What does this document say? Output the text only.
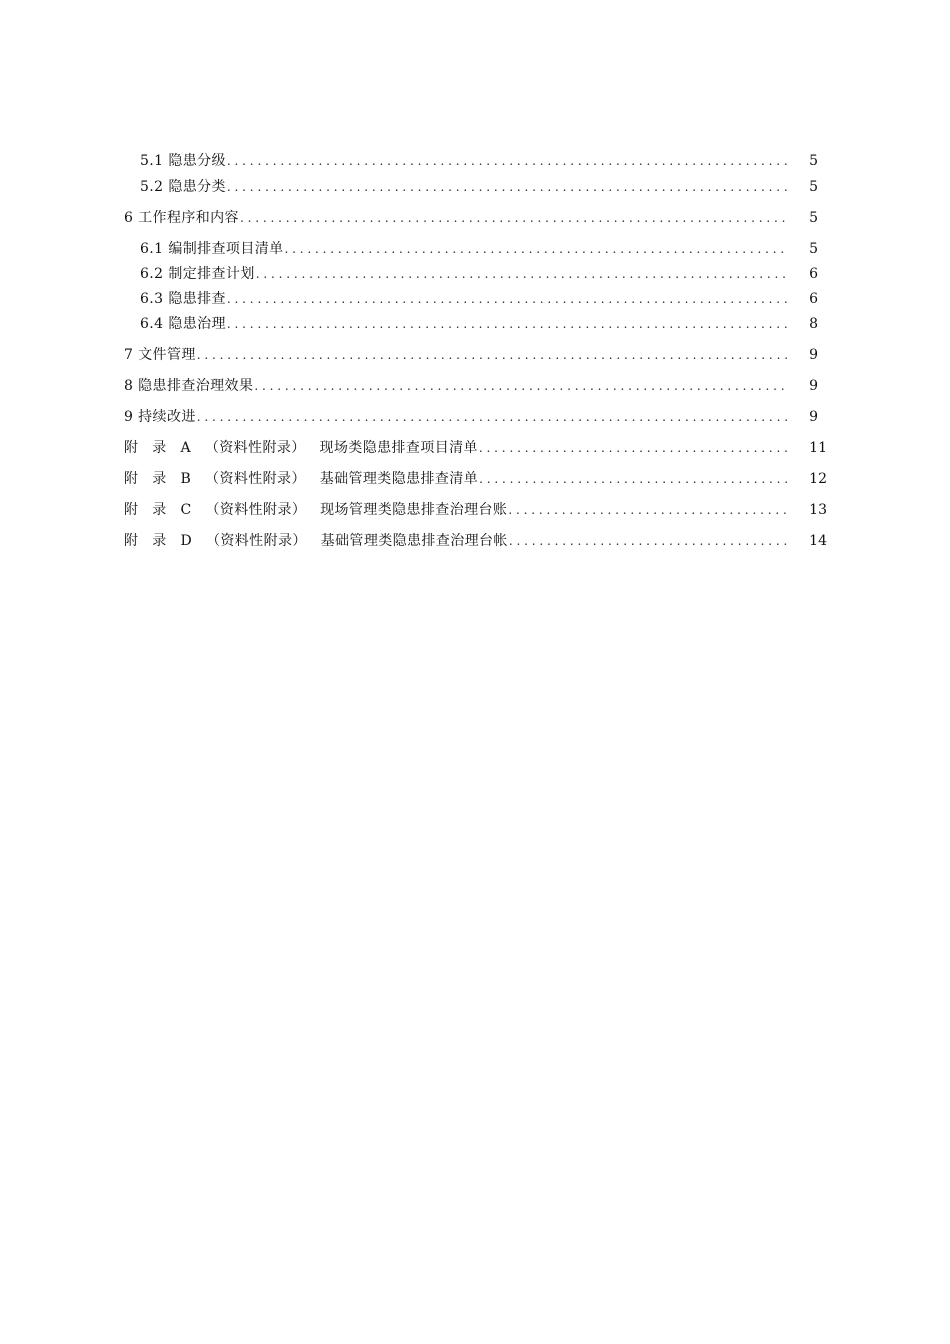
5.1 隐患分级 . . .	5
5.2 隐患分类 . . .	5
6 工作程序和内容 . . .	5
6.1 编制排查项目清单 . . .	5
6.2 制定排查计划 . . .	6
6.3 隐患排查 . . .	6
6.4 隐患治理 . . .	8
7 文件管理 . . .	9
8 隐患排查治理效果 . . .	9
9 持续改进 . . .	9
附 录 A （资料性附录） 现场类隐患排查项目清单 . . .	11
附 录 B （资料性附录） 基础管理类隐患排查清单 . . .	12
附 录 C （资料性附录） 现场管理类隐患排查治理台账 . . .	13
附 录 D （资料性附录） 基础管理类隐患排查治理台帐 . . .	14
